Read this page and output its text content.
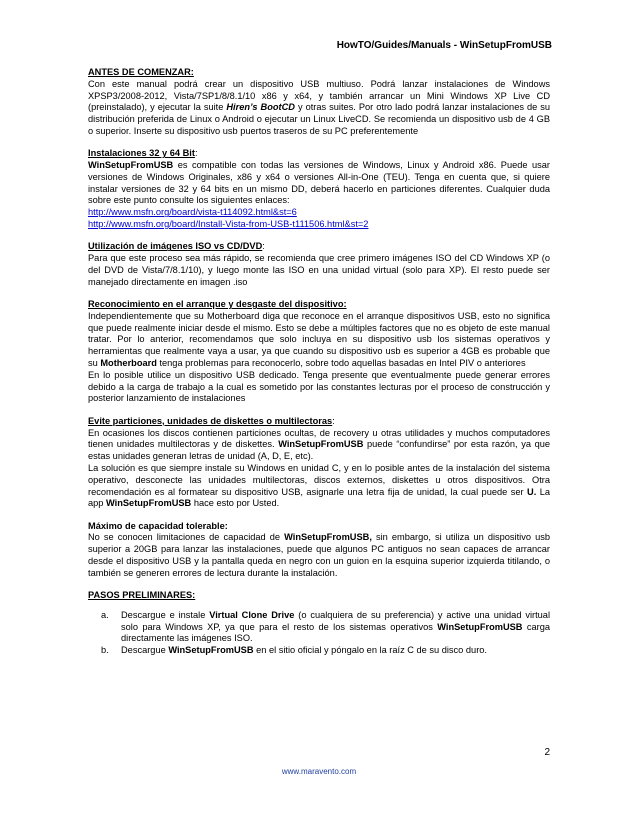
HowTO/Guides/Manuals - WinSetupFromUSB
ANTES DE COMENZAR:

Con este manual podrá crear un dispositivo USB multiuso. Podrá lanzar instalaciones de Windows XPSP3/2008-2012, Vista/7SP1/8/8.1/10 x86 y x64, y también arrancar un Mini Windows XP Live CD (preinstalado), y ejecutar la suite Hiren’s BootCD y otras suites. Por otro lado podrá lanzar instalaciones de su distribución preferida de Linux o Android o ejecutar un Linux LiveCD. Se recomienda un dispositivo usb de 4 GB o superior. Inserte su dispositivo usb puertos traseros de su PC preferentemente

Instalaciones 32 y 64 Bit:

WinSetupFromUSB es compatible con todas las versiones de Windows, Linux y Android x86. Puede usar versiones de Windows Originales, x86 y x64 o versiones All-in-One (TEU). Tenga en cuenta que, si quiere instalar versiones de 32 y 64 bits en un mismo DD, deberá hacerlo en particiones diferentes. Cualquier duda sobre este punto consulte los siguientes enlaces:

http://www.msfn.org/board/vista-t114092.html&st=6
http://www.msfn.org/board/Install-Vista-from-USB-t111506.html&st=2
Utilización de imágenes ISO vs CD/DVD:

Para que este proceso sea más rápido, se recomienda que cree primero imágenes ISO del CD Windows XP (o del DVD de Vista/7/8.1/10), y luego monte las ISO en una unidad virtual (solo para XP). El resto puede ser manejado directamente en imagen .iso

Reconocimiento en el arranque y desgaste del dispositivo:

Independientemente que su Motherboard diga que reconoce en el arranque dispositivos USB, esto no significa que puede realmente iniciar desde el mismo. Esto se debe a múltiples factores que no es objeto de este manual tratar. Por lo anterior, recomendamos que solo incluya en su dispositivo usb los sistemas operativos y herramientas que realmente vaya a usar, ya que cuando su dispositivo usb es superior a 4GB es probable que su Motherboard tenga problemas para reconocerlo, sobre todo aquellas basadas en Intel PIV o anteriores

En lo posible utilice un dispositivo USB dedicado. Tenga presente que eventualmente puede generar errores debido a la carga de trabajo a la cual es sometido por las constantes lecturas por el proceso de construcción y posterior lanzamiento de instalaciones

Evite particiones, unidades de diskettes o multilectoras:

En ocasiones los discos contienen particiones ocultas, de recovery u otras utilidades y muchos computadores tienen unidades multilectoras y de diskettes. WinSetupFromUSB puede “confundirse” por esta razón, ya que estas unidades generan letras de unidad (A, D, E, etc).

La solución es que siempre instale su Windows en unidad C, y en lo posible antes de la instalación del sistema operativo, desconecte las unidades multilectoras, discos externos, diskettes u otros dispositivos. Otra recomendación es al formatear su dispositivo USB, asignarle una letra fija de unidad, la cual puede ser U. La app WinSetupFromUSB hace esto por Usted.

Máximo de capacidad tolerable:

No se conocen limitaciones de capacidad de WinSetupFromUSB, sin embargo, si utiliza un dispositivo usb superior a 20GB para lanzar las instalaciones, puede que algunos PC antiguos no sean capaces de arrancar desde el dispositivo USB y la pantalla queda en negro con un guion en la esquina superior izquierda titilando, o también se generen errores de lectura durante la instalación.

PASOS PRELIMINARES:
a. Descargue e instale Virtual Clone Drive (o cualquiera de su preferencia) y active una unidad virtual solo para Windows XP, ya que para el resto de los sistemas operativos WinSetupFromUSB carga directamente las imágenes ISO.
b. Descargue WinSetupFromUSB en el sitio oficial y póngalo en la raíz C de su disco duro.
2
www.maravento.com
